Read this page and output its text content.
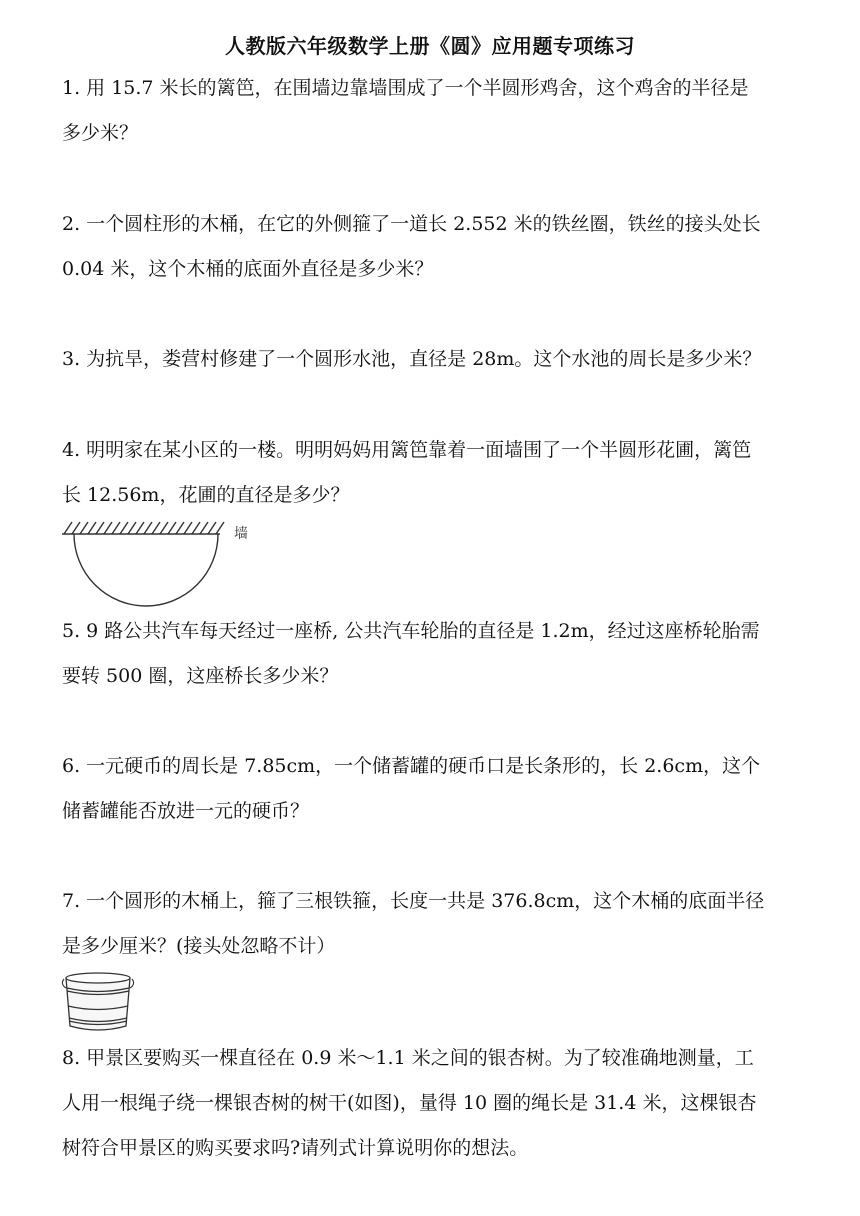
人教版六年级数学上册《圆》应用题专项练习

1. 用 15.7 米长的篱笆，在围墙边靠墙围成了一个半圆形鸡舍，这个鸡舍的半径是

多少米？

2. 一个圆柱形的木桶，在它的外侧箍了一道长 2.552 米的铁丝圈，铁丝的接头处长

0.04 米，这个木桶的底面外直径是多少米？

3. 为抗旱，娄营村修建了一个圆形水池，直径是 28m。这个水池的周长是多少米？

4. 明明家在某小区的一楼。明明妈妈用篱笆靠着一面墙围了一个半圆形花圃，篱笆

长 12.56m，花圃的直径是多少？

墙

5. 9 路公共汽车每天经过一座桥, 公共汽车轮胎的直径是 1.2m，经过这座桥轮胎需

要转 500 圈，这座桥长多少米？

6. 一元硬币的周长是 7.85cm，一个储蓄罐的硬币口是长条形的，长 2.6cm，这个

储蓄罐能否放进一元的硬币？

7. 一个圆形的木桶上，箍了三根铁箍，长度一共是 376.8cm，这个木桶的底面半径

是多少厘米？(接头处忽略不计）

8. 甲景区要购买一棵直径在 0.9 米～1.1 米之间的银杏树。为了较准确地测量，工

人用一根绳子绕一棵银杏树的树干(如图)，量得 10 圈的绳长是 31.4 米，这棵银杏

树符合甲景区的购买要求吗?请列式计算说明你的想法。
